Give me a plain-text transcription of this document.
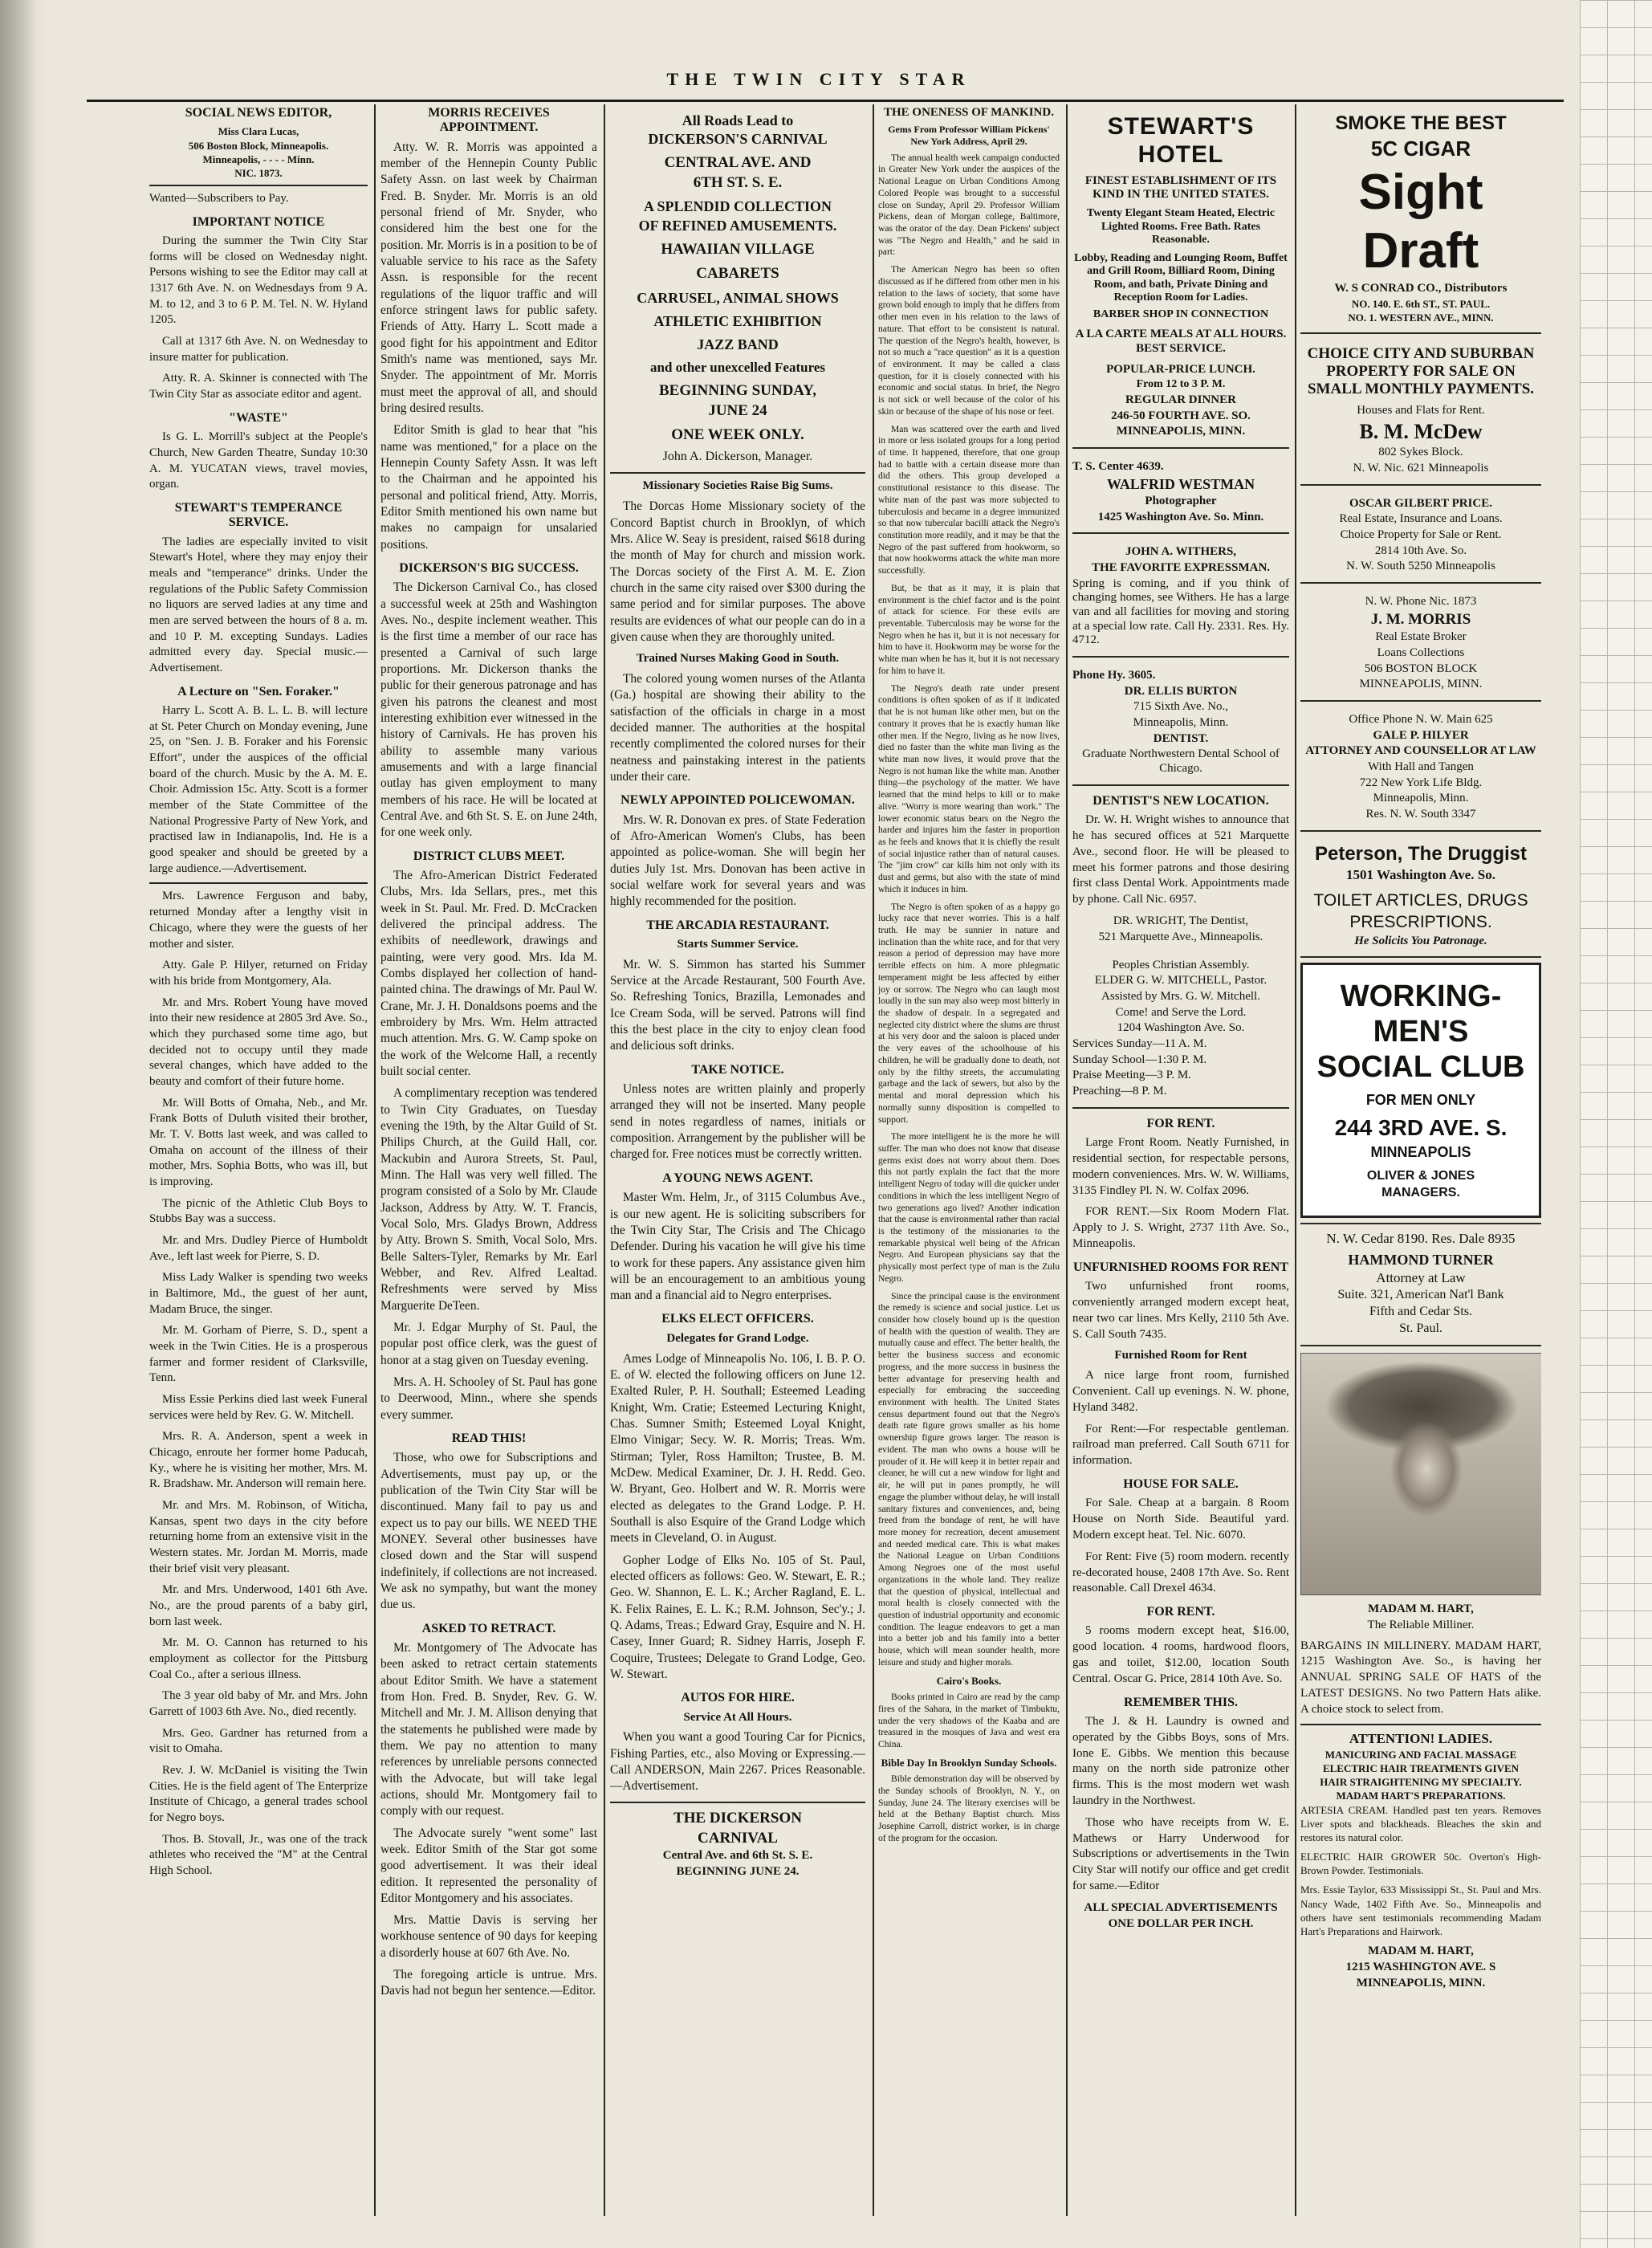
THE TWIN CITY STAR
SOCIAL NEWS EDITOR,
Miss Clara Lucas,
506 Boston Block, Minneapolis.
Minneapolis, - - - - Minn.
NIC. 1873.

Wanted—Subscribers to Pay.

IMPORTANT NOTICE

During the summer the Twin City Star forms will be closed on Wednesday night. Persons wishing to see the Editor may call at 1317 6th Ave. N. on Wednesdays from 9 A. M. to 12, and 3 to 6 P. M. Tel. N. W. Hyland 1205.

Call at 1317 6th Ave. N. on Wednesday to insure matter for publication.

Atty. R. A. Skinner is connected with The Twin City Star as associate editor and agent.

"WASTE"

Is G. L. Morrill's subject at the People's Church, New Garden Theatre, Sunday 10:30 A. M. YUCATAN views, travel movies, organ.

STEWART'S TEMPERANCE SERVICE.

The ladies are especially invited to visit Stewart's Hotel, where they may enjoy their meals and "temperance" drinks. Under the regulations of the Public Safety Commission no liquors are served ladies at any time and men are served between the hours of 8 a. m. and 10 P. M. excepting Sundays. Ladies admitted every day. Special music.—Advertisement.

A Lecture on "Sen. Foraker."

Harry L. Scott A. B. L. L. B. will lecture at St. Peter Church on Monday evening, June 25, on "Sen. J. B. Foraker and his Forensic Effort", under the auspices of the official board of the church. Music by the A. M. E. Choir. Admission 15c. Atty. Scott is a former member of the State Committee of the National Progressive Party of New York, and practised law in Indianapolis, Ind. He is a good speaker and should be greeted by a large audience.—Advertisement.

Mrs. Lawrence Ferguson and baby, returned Monday after a lengthy visit in Chicago, where they were the guests of her mother and sister.

Atty. Gale P. Hilyer, returned on Friday with his bride from Montgomery, Ala.

Mr. and Mrs. Robert Young have moved into their new residence at 2805 3rd Ave. So., which they purchased some time ago, but decided not to occupy until they made several changes, which have added to the beauty and comfort of their future home.

Mr. Will Botts of Omaha, Neb., and Mr. Frank Botts of Duluth visited their brother, Mr. T. V. Botts last week, and was called to Omaha on account of the illness of their mother, Mrs. Sophia Botts, who was ill, but is improving.

The picnic of the Athletic Club Boys to Stubbs Bay was a success.

Mr. and Mrs. Dudley Pierce of Humboldt Ave., left last week for Pierre, S. D.

Miss Lady Walker is spending two weeks in Baltimore, Md., the guest of her aunt, Madam Bruce, the singer.

Mr. M. Gorham of Pierre, S. D., spent a week in the Twin Cities. He is a prosperous farmer and former resident of Clarksville, Tenn.

Miss Essie Perkins died last week Funeral services were held by Rev. G. W. Mitchell.

Mrs. R. A. Anderson, spent a week in Chicago, enroute her former home Paducah, Ky., where he is visiting her mother, Mrs. M. R. Bradshaw. Mr. Anderson will remain here.

Mr. and Mrs. M. Robinson, of Witicha, Kansas, spent two days in the city before returning home from an extensive visit in the Western states. Mr. Jordan M. Morris, made their brief visit very pleasant.

Mr. and Mrs. Underwood, 1401 6th Ave. No., are the proud parents of a baby girl, born last week.

Mr. M. O. Cannon has returned to his employment as collector for the Pittsburg Coal Co., after a serious illness.

The 3 year old baby of Mr. and Mrs. John Garrett of 1003 6th Ave. No., died recently.

Mrs. Geo. Gardner has returned from a visit to Omaha.

Rev. J. W. McDaniel is visiting the Twin Cities. He is the field agent of The Enterprize Institute of Chicago, a general trades school for Negro boys.

Thos. B. Stovall, Jr., was one of the track athletes who received the "M" at the Central High School.

MORRIS RECEIVES APPOINTMENT.

Atty. W. R. Morris was appointed a member of the Hennepin County Public Safety Assn. on last week by Chairman Fred. B. Snyder. Mr. Morris is an old personal friend of Mr. Snyder, who considered him the best one for the position. Mr. Morris is in a position to be of valuable service to his race as the Safety Assn. is responsible for the recent regulations of the liquor traffic and will enforce stringent laws for public safety. Friends of Atty. Harry L. Scott made a good fight for his appointment and Editor Smith's name was mentioned, says Mr. Snyder. The appointment of Mr. Morris must meet the approval of all, and should bring desired results.

Editor Smith is glad to hear that "his name was mentioned," for a place on the Hennepin County Safety Assn. It was left to the Chairman and he appointed his personal and political friend, Atty. Morris, Editor Smith mentioned his own name but makes no campaign for unsalaried positions.

DICKERSON'S BIG SUCCESS.

The Dickerson Carnival Co., has closed a successful week at 25th and Washington Aves. No., despite inclement weather. This is the first time a member of our race has presented a Carnival of such large proportions. Mr. Dickerson thanks the public for their generous patronage and has given his patrons the cleanest and most interesting exhibition ever witnessed in the history of Carnivals. He has proven his ability to assemble many various amusements and with a large financial outlay has given employment to many members of his race. He will be located at Central Ave. and 6th St. S. E. on June 24th, for one week only.

DISTRICT CLUBS MEET.

The Afro-American District Federated Clubs, Mrs. Ida Sellars, pres., met this week in St. Paul. Mr. Fred. D. McCracken delivered the principal address. The exhibits of needlework, drawings and painting, were very good. Mrs. Ida M. Combs displayed her collection of hand-painted china. The drawings of Mr. Paul W. Crane, Mr. J. H. Donaldsons poems and the embroidery by Mrs. Wm. Helm attracted much attention. Mrs. G. W. Camp spoke on the work of the Welcome Hall, a recently built social center.

A complimentary reception was tendered to Twin City Graduates, on Tuesday evening the 19th, by the Altar Guild of St. Philips Church, at the Guild Hall, cor. Mackubin and Aurora Streets, St. Paul, Minn. The Hall was very well filled. The program consisted of a Solo by Mr. Claude Jackson, Address by Atty. W. T. Francis, Vocal Solo, Mrs. Gladys Brown, Address by Atty. Brown S. Smith, Vocal Solo, Mrs. Belle Salters-Tyler, Remarks by Mr. Earl Webber, and Rev. Alfred Lealtad. Refreshments were served by Miss Marguerite DeTeen.

Mr. J. Edgar Murphy of St. Paul, the popular post office clerk, was the guest of honor at a stag given on Tuesday evening.

Mrs. A. H. Schooley of St. Paul has gone to Deerwood, Minn., where she spends every summer.

READ THIS!

Those, who owe for Subscriptions and Advertisements, must pay up, or the publication of the Twin City Star will be discontinued. Many fail to pay us and expect us to pay our bills. WE NEED THE MONEY. Several other businesses have closed down and the Star will suspend indefinitely, if collections are not increased. We ask no sympathy, but want the money due us.

ASKED TO RETRACT.

Mr. Montgomery of The Advocate has been asked to retract certain statements about Editor Smith. We have a statement from Hon. Fred. B. Snyder, Rev. G. W. Mitchell and Mr. J. M. Allison denying that the statements he published were made by them. We pay no attention to many references by unreliable persons connected with the Advocate, but will take legal actions, should Mr. Montgomery fail to comply with our request.

The Advocate surely "went some" last week. Editor Smith of the Star got some good advertisement. It was their ideal edition. It represented the personality of Editor Montgomery and his associates.

Mrs. Mattie Davis is serving her workhouse sentence of 90 days for keeping a disorderly house at 607 6th Ave. No.

The foregoing article is untrue. Mrs. Davis had not begun her sentence.—Editor.

All Roads Lead to
DICKERSON'S CARNIVAL
CENTRAL AVE. AND
6TH ST. S. E.
A SPLENDID COLLECTION
OF REFINED AMUSEMENTS.
HAWAIIAN VILLAGE
CABARETS
CARRUSEL, ANIMAL SHOWS
ATHLETIC EXHIBITION
JAZZ BAND
and other unexcelled Features
BEGINNING SUNDAY,
JUNE 24
ONE WEEK ONLY.
John A. Dickerson, Manager.
Missionary Societies Raise Big Sums.

The Dorcas Home Missionary society of the Concord Baptist church in Brooklyn, of which Mrs. Alice W. Seay is president, raised $618 during the month of May for church and mission work. The Dorcas society of the First A. M. E. Zion church in the same city raised over $300 during the same period and for similar purposes. The above results are evidences of what our people can do in a given cause when they are thoroughly united.

Trained Nurses Making Good in South.

The colored young women nurses of the Atlanta (Ga.) hospital are showing their ability to the satisfaction of the officials in charge in a most decided manner. The authorities at the hospital recently complimented the colored nurses for their neatness and painstaking interest in the patients under their care.

NEWLY APPOINTED POLICEWOMAN.

Mrs. W. R. Donovan ex pres. of State Federation of Afro-American Women's Clubs, has been appointed as police-woman. She will begin her duties July 1st. Mrs. Donovan has been active in social welfare work for several years and was highly recommended for the position.

THE ARCADIA RESTAURANT.
Starts Summer Service.

Mr. W. S. Simmon has started his Summer Service at the Arcade Restaurant, 500 Fourth Ave. So. Refreshing Tonics, Brazilla, Lemonades and Ice Cream Soda, will be served. Patrons will find this the best place in the city to enjoy clean food and delicious soft drinks.

TAKE NOTICE.

Unless notes are written plainly and properly arranged they will not be inserted. Many people send in notes regardless of names, initials or composition. Arrangement by the publisher will be charged for. Free notices must be correctly written.

A YOUNG NEWS AGENT.

Master Wm. Helm, Jr., of 3115 Columbus Ave., is our new agent. He is soliciting subscribers for the Twin City Star, The Crisis and The Chicago Defender. During his vacation he will give his time to work for these papers. Any assistance given him will be an encouragement to an ambitious young man and a financial aid to Negro enterprises.

ELKS ELECT OFFICERS.
Delegates for Grand Lodge.

Ames Lodge of Minneapolis No. 106, I. B. P. O. E. of W. elected the following officers on June 12. Exalted Ruler, P. H. Southall; Esteemed Leading Knight, Wm. Cratie; Esteemed Lecturing Knight, Chas. Sumner Smith; Esteemed Loyal Knight, Elmo Vinigar; Secy. W. R. Morris; Treas. Wm. Stirman; Tyler, Ross Hamilton; Trustee, B. M. McDew. Medical Examiner, Dr. J. H. Redd. Geo. W. Bryant, Geo. Holbert and W. R. Morris were elected as delegates to the Grand Lodge. P. H. Southall is also Esquire of the Grand Lodge which meets in Cleveland, O. in August.

Gopher Lodge of Elks No. 105 of St. Paul, elected officers as follows: Geo. W. Stewart, E. R.; Geo. W. Shannon, E. L. K.; Archer Ragland, E. L. K. Felix Raines, E. L. K.; R.M. Johnson, Sec'y.; J. Q. Adams, Treas.; Edward Gray, Esquire and N. H. Casey, Inner Guard; R. Sidney Harris, Joseph F. Coquire, Trustees; Delegate to Grand Lodge, Geo. W. Stewart.

AUTOS FOR HIRE.
Service At All Hours.

When you want a good Touring Car for Picnics, Fishing Parties, etc., also Moving or Expressing.—Call ANDERSON, Main 2267. Prices Reasonable.—Advertisement.

THE DICKERSON
CARNIVAL
Central Ave. and 6th St. S. E.
BEGINNING JUNE 24.
THE ONENESS OF MANKIND.
Gems From Professor William Pickens' New York Address, April 29.

The annual health week campaign conducted in Greater New York under the auspices of the National League on Urban Conditions Among Colored People was brought to a successful close on Sunday, April 29. Professor William Pickens, dean of Morgan college, Baltimore, was the orator of the day. Dean Pickens' subject was "The Negro and Health," and he said in part:

The American Negro has been so often discussed as if he differed from other men in his relation to the laws of society, that some have grown bold enough to imply that he differs from other men even in his relation to the laws of nature. That effort to be consistent is natural. The question of the Negro's health, however, is not so much a "race question" as it is a question of environment. It may be called a class question, for it is closely connected with his economic and social status. In brief, the Negro is not sick or well because of the color of his skin or because of the shape of his nose or feet.

Man was scattered over the earth and lived in more or less isolated groups for a long period of time. It happened, therefore, that one group had to battle with a certain disease more than did the others. This group developed a constitutional resistance to this disease. The white man of the past was more subjected to tuberculosis and became in a degree immunized so that now tubercular bacilli attack the Negro's constitution more readily, and it may be that the Negro of the past suffered from hookworm, so that now hookworms attack the white man more successfully.

But, be that as it may, it is plain that environment is the chief factor and is the point of attack for science. For these evils are preventable. Tuberculosis may be worse for the Negro when he has it, but it is not necessary for him to have it. Hookworm may be worse for the white man when he has it, but it is not necessary for him to have it.

The Negro's death rate under present conditions is often spoken of as if it indicated that he is not human like other men, but on the contrary it proves that he is exactly human like other men. If the Negro, living as he now lives, died no faster than the white man living as the white man now lives, it would prove that the Negro is not human like the white man. Another thing—the psychology of the matter. We have learned that the mind helps to kill or to make alive. "Worry is more wearing than work." The lower economic status bears on the Negro the harder and injures him the faster in proportion as he feels and knows that it is chiefly the result of social injustice rather than of natural causes. The "jim crow" car kills him not only with its dust and germs, but also with the state of mind which it induces in him.

The Negro is often spoken of as a happy go lucky race that never worries. This is a half truth. He may be sunnier in nature and inclination than the white race, and for that very reason a period of depression may have more terrible effects on him. A more phlegmatic temperament might be less affected by either joy or sorrow. The Negro who can laugh most loudly in the sun may also weep most bitterly in the shadow of despair. In a segregated and neglected city district where the slums are thrust at his very door and the saloon is placed under the very eaves of the schoolhouse of his children, he will be gradually done to death, not only by the filthy streets, the accumulating garbage and the lack of sewers, but also by the mental and moral depression which his normally sunny disposition is compelled to support.

The more intelligent he is the more he will suffer. The man who does not know that disease germs exist does not worry about them. Does this not partly explain the fact that the more intelligent Negro of today will die quicker under conditions in which the less intelligent Negro of two generations ago lived? Another indication that the cause is environmental rather than racial is the testimony of the missionaries to the remarkable physical well being of the African Negro. And European physicians say that the physically most perfect type of man is the Zulu Negro.

Since the principal cause is the environment the remedy is science and social justice. Let us consider how closely bound up is the question of health with the question of wealth. They are mutually cause and effect. The better health, the better the business success and economic progress, and the more success in business the better advantage for preserving health and especially for embracing the succeeding environment with health. The United States census department found out that the Negro's death rate figure grows smaller as his home ownership figure grows larger. The reason is evident. The man who owns a house will be prouder of it. He will keep it in better repair and cleaner, he will cut a new window for light and air, he will put in panes promptly, he will engage the plumber without delay, he will install sanitary fixtures and conveniences, and, being freed from the bondage of rent, he will have more money for recreation, decent amusement and needed medical care. This is what makes the National League on Urban Conditions Among Negroes one of the most useful organizations in the whole land. They realize that the question of physical, intellectual and moral health is closely connected with the question of industrial opportunity and economic condition. The league endeavors to get a man into a better job and his family into a better house, which will mean sounder health, more leisure and study and higher morals.

Cairo's Books.

Books printed in Cairo are read by the camp fires of the Sahara, in the market of Timbuktu, under the very shadows of the Kaaba and are treasured in the mosques of Java and west era China.

Bible Day In Brooklyn Sunday Schools.

Bible demonstration day will be observed by the Sunday schools of Brooklyn, N. Y., on Sunday, June 24. The literary exercises will be held at the Bethany Baptist church. Miss Josephine Carroll, district worker, is in charge of the program for the occasion.

STEWART'S HOTEL
FINEST ESTABLISHMENT OF ITS KIND IN THE UNITED STATES.
Twenty Elegant Steam Heated, Electric Lighted Rooms. Free Bath. Rates Reasonable.
Lobby, Reading and Lounging Room, Buffet and Grill Room, Billiard Room, Dining Room, and bath, Private Dining and Reception Room for Ladies.
BARBER SHOP IN CONNECTION
A LA CARTE MEALS AT ALL HOURS. BEST SERVICE.
POPULAR-PRICE LUNCH.
From 12 to 3 P. M.
REGULAR DINNER
246-50 FOURTH AVE. SO.
MINNEAPOLIS, MINN.
T. S. Center 4639.
WALFRID WESTMAN
Photographer
1425 Washington Ave. So. Minn.
JOHN A. WITHERS,
THE FAVORITE EXPRESSMAN.
Spring is coming, and if you think of changing homes, see Withers. He has a large van and all facilities for moving and storing at a special low rate. Call Hy. 2331. Res. Hy. 4712.
Phone Hy. 3605.
DR. ELLIS BURTON
715 Sixth Ave. No.,
Minneapolis, Minn.
DENTIST.
Graduate Northwestern Dental School of Chicago.
DENTIST'S NEW LOCATION.

Dr. W. H. Wright wishes to announce that he has secured offices at 521 Marquette Ave., second floor. He will be pleased to meet his former patrons and those desiring first class Dental Work. Appointments made by phone. Call Nic. 6957.

DR. WRIGHT, The Dentist,
521 Marquette Ave., Minneapolis.
Peoples Christian Assembly.
ELDER G. W. MITCHELL, Pastor.
Assisted by Mrs. G. W. Mitchell.
Come! and Serve the Lord.
1204 Washington Ave. So.
Services Sunday—11 A. M.
Sunday School—1:30 P. M.
Praise Meeting—3 P. M.
Preaching—8 P. M.
FOR RENT.

Large Front Room. Neatly Furnished, in residential section, for respectable persons, modern conveniences. Mrs. W. W. Williams, 3135 Findley Pl. N. W. Colfax 2096.

FOR RENT.—Six Room Modern Flat. Apply to J. S. Wright, 2737 11th Ave. So., Minneapolis.

UNFURNISHED ROOMS FOR RENT

Two unfurnished front rooms, conveniently arranged modern except heat, near two car lines. Mrs Kelly, 2110 5th Ave. S. Call South 7435.

Furnished Room for Rent

A nice large front room, furnished Convenient. Call up evenings. N. W. phone, Hyland 3482.

For Rent:—For respectable gentleman. railroad man preferred. Call South 6711 for information.

HOUSE FOR SALE.

For Sale. Cheap at a bargain. 8 Room House on North Side. Beautiful yard. Modern except heat. Tel. Nic. 6070.

For Rent: Five (5) room modern. recently re-decorated house, 2408 17th Ave. So. Rent reasonable. Call Drexel 4634.

FOR RENT.

5 rooms modern except heat, $16.00, good location. 4 rooms, hardwood floors, gas and toilet, $12.00, location South Central. Oscar G. Price, 2814 10th Ave. So.

REMEMBER THIS.

The J. & H. Laundry is owned and operated by the Gibbs Boys, sons of Mrs. Ione E. Gibbs. We mention this because many on the north side patronize other firms. This is the most modern wet wash laundry in the Northwest.

Those who have receipts from W. E. Mathews or Harry Underwood for Subscriptions or advertisements in the Twin City Star will notify our office and get credit for same.—Editor

ALL SPECIAL ADVERTISEMENTS
ONE DOLLAR PER INCH.
SMOKE THE BEST
5C CIGAR
Sight Draft
W. S CONRAD CO., Distributors
NO. 140. E. 6th ST., ST. PAUL.
NO. 1. WESTERN AVE., MINN.
CHOICE CITY AND SUBURBAN PROPERTY FOR SALE ON SMALL MONTHLY PAYMENTS.
Houses and Flats for Rent.
B. M. McDew
802 Sykes Block.
N. W. Nic. 621 Minneapolis
OSCAR GILBERT PRICE.
Real Estate, Insurance and Loans.
Choice Property for Sale or Rent.
2814 10th Ave. So.
N. W. South 5250 Minneapolis
N. W. Phone Nic. 1873
J. M. MORRIS
Real Estate Broker
Loans Collections
506 BOSTON BLOCK
MINNEAPOLIS, MINN.
Office Phone N. W. Main 625
GALE P. HILYER
ATTORNEY AND COUNSELLOR AT LAW
With Hall and Tangen
722 New York Life Bldg.
Minneapolis, Minn.
Res. N. W. South 3347
Peterson, The Druggist
1501 Washington Ave. So.
TOILET ARTICLES, DRUGS
PRESCRIPTIONS.
He Solicits You Patronage.
WORKING-MEN'S
SOCIAL CLUB
FOR MEN ONLY
244 3RD AVE. S.
MINNEAPOLIS
OLIVER & JONES
MANAGERS.
N. W. Cedar 8190. Res. Dale 8935
HAMMOND TURNER
Attorney at Law
Suite. 321, American Nat'l Bank
Fifth and Cedar Sts.
St. Paul.
MADAM M. HART,
The Reliable Milliner.

BARGAINS IN MILLINERY. MADAM HART, 1215 Washington Ave. So., is having her ANNUAL SPRING SALE OF HATS of the LATEST DESIGNS. No two Pattern Hats alike. A choice stock to select from.

ATTENTION! LADIES.
MANICURING AND FACIAL MASSAGE
ELECTRIC HAIR TREATMENTS GIVEN
HAIR STRAIGHTENING MY SPECIALTY.
MADAM HART'S PREPARATIONS.

ARTESIA CREAM. Handled past ten years. Removes Liver spots and blackheads. Bleaches the skin and restores its natural color.

ELECTRIC HAIR GROWER 50c. Overton's High-Brown Powder. Testimonials.

Mrs. Essie Taylor, 633 Mississippi St., St. Paul and Mrs. Nancy Wade, 1402 Fifth Ave. So., Minneapolis and others have sent testimonials recommending Madam Hart's Preparations and Hairwork.

MADAM M. HART,
1215 WASHINGTON AVE. S
MINNEAPOLIS, MINN.
